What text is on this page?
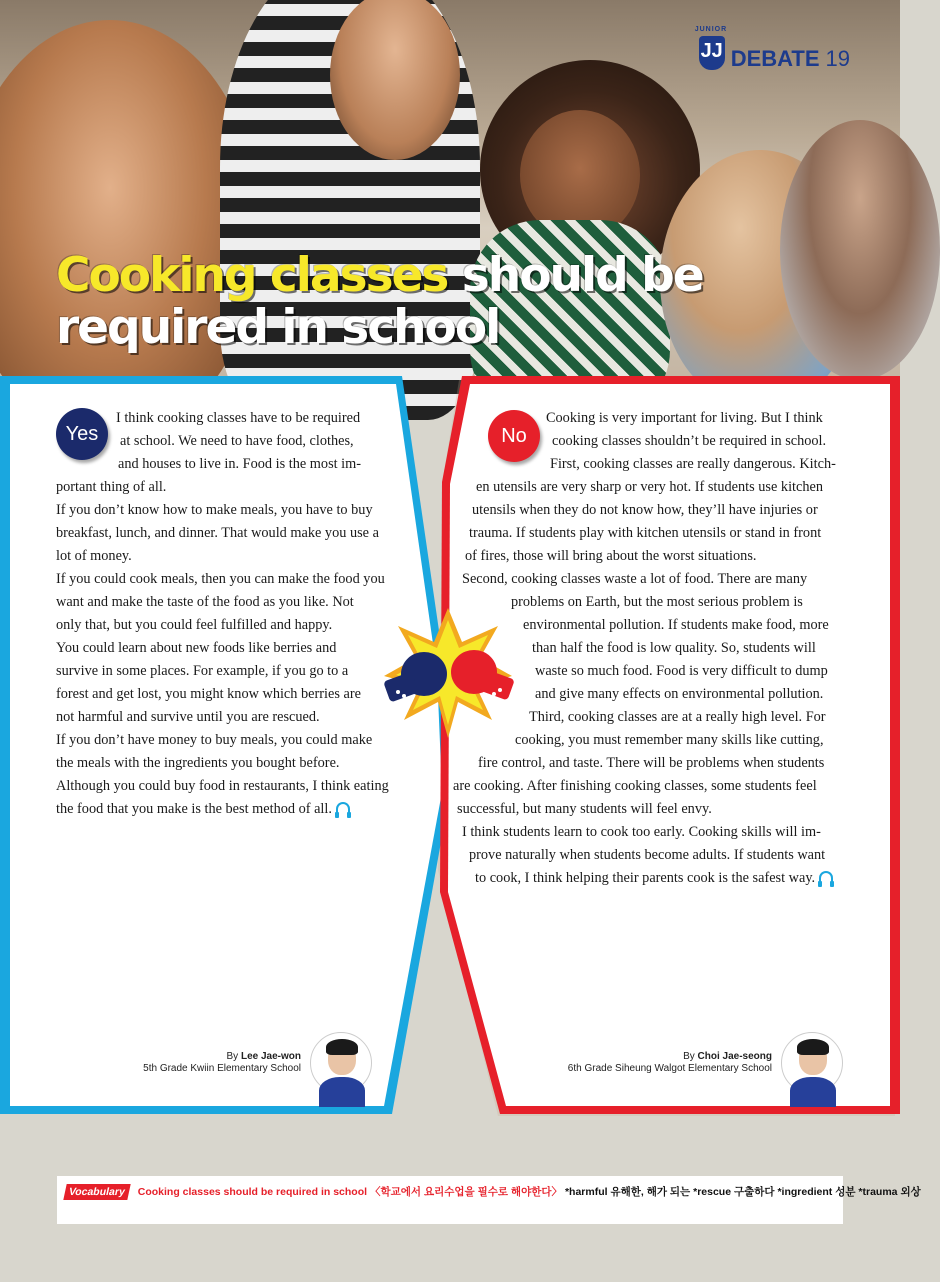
JUNIOR
JJ DEBATE 19
Cooking classes should be
required in school

I think cooking classes have to be required

at school. We need to have food, clothes,

and houses to live in. Food is the most im-

portant thing of all.

If you don’t know how to make meals, you have to buy

breakfast, lunch, and dinner. That would make you use a

lot of money.

If you could cook meals, then you can make the food you

want and make the taste of the food as you like. Not

only that, but you could feel fulfilled and happy.

You could learn about new foods like berries and

survive in some places. For example, if you go to a

forest and get lost, you might know which berries are

not harmful and survive until you are rescued.

If you don’t have money to buy meals, you could make

the meals with the ingredients you bought before.

Although you could buy food in restaurants, I think eating

the food that you make is the best method of all.

Cooking is very important for living. But I think

cooking classes shouldn’t be required in school.

First, cooking classes are really dangerous. Kitch-

en utensils are very sharp or very hot. If students use kitchen

utensils when they do not know how, they’ll have injuries or

trauma. If students play with kitchen utensils or stand in front

of fires, those will bring about the worst situations.

Second, cooking classes waste a lot of food. There are many

problems on Earth, but the most serious problem is

environmental pollution. If students make food, more

than half the food is low quality. So, students will

waste so much food. Food is very difficult to dump

and give many effects on environmental pollution.

Third, cooking classes are at a really high level. For

cooking, you must remember many skills like cutting,

fire control, and taste. There will be problems when students

are cooking. After finishing cooking classes, some students feel

successful, but many students will feel envy.

I think students learn to cook too early. Cooking skills will im-

prove naturally when students become adults. If students want

to cook, I think helping their parents cook is the safest way.

By Lee Jae-won
5th Grade Kwiin Elementary School
By Choi Jae-seong
6th Grade Siheung Walgot Elementary School
Yes	No
Vocabulary Cooking classes should be required in school 〈학교에서 요리수업을 필수로 해야한다〉 *harmful 유해한, 해가 되는 *rescue 구출하다 *ingredient 성분 *trauma 외상
